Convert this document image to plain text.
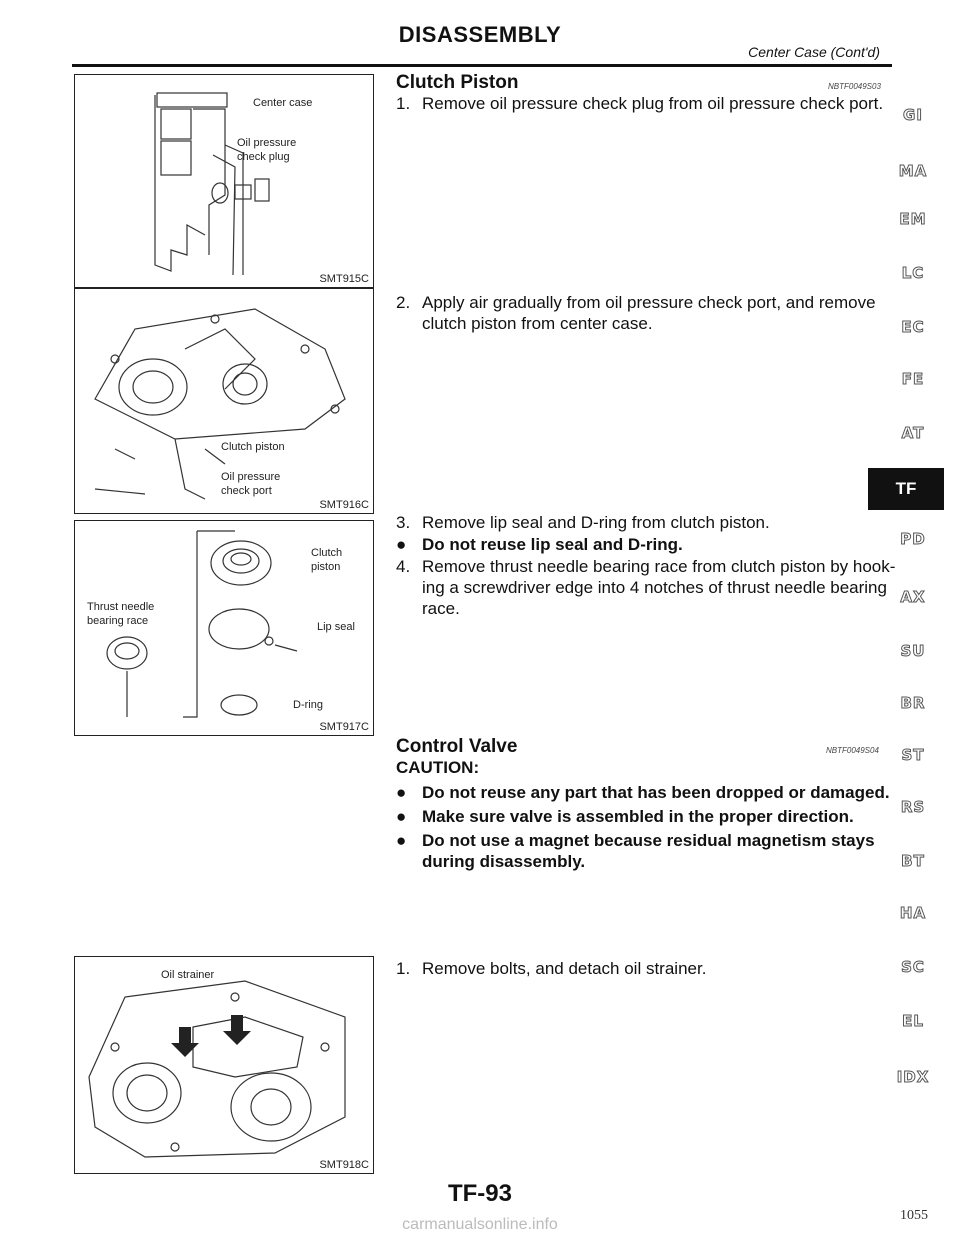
DISASSEMBLY
Center Case (Cont'd)
Center case
Oil pressure
check plug
SMT915C
Clutch piston
Oil pressure
check port
SMT916C
Clutch
piston
Thrust needle
bearing race	Lip seal
D-ring
SMT917C
Oil strainer
SMT918C
Clutch Piston	NBTF0049S03
1. Remove oil pressure check plug from oil pressure check port.
2. Apply air gradually from oil pressure check port, and remove
clutch piston from center case.
3. Remove lip seal and D-ring from clutch piston.
● Do not reuse lip seal and D-ring.
4. Remove thrust needle bearing race from clutch piston by hook-
ing a screwdriver edge into 4 notches of thrust needle bearing
race.
Control Valve	NBTF0049S04
CAUTION:
● Do not reuse any part that has been dropped or damaged.
● Make sure valve is assembled in the proper direction.
● Do not use a magnet because residual magnetism stays
during disassembly.
1. Remove bolts, and detach oil strainer.
GI
MA
EM
LC
EC
FE
AT
TF
PD
AX
SU
BR
ST
RS
BT
HA
SC
EL
IDX
TF-93
1055
carmanualsonline.info
